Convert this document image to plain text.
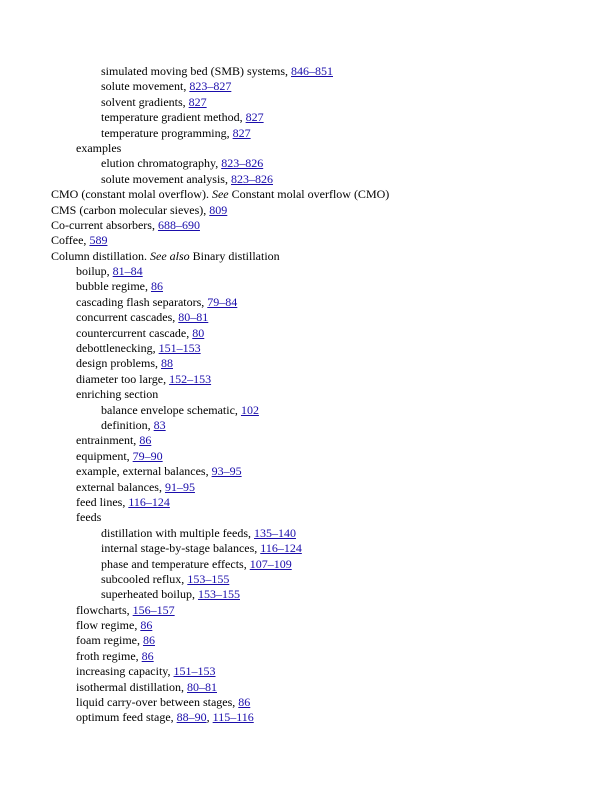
simulated moving bed (SMB) systems, 846–851
solute movement, 823–827
solvent gradients, 827
temperature gradient method, 827
temperature programming, 827
examples
elution chromatography, 823–826
solute movement analysis, 823–826
CMO (constant molal overflow). See Constant molal overflow (CMO)
CMS (carbon molecular sieves), 809
Co-current absorbers, 688–690
Coffee, 589
Column distillation. See also Binary distillation
boilup, 81–84
bubble regime, 86
cascading flash separators, 79–84
concurrent cascades, 80–81
countercurrent cascade, 80
debottlenecking, 151–153
design problems, 88
diameter too large, 152–153
enriching section
balance envelope schematic, 102
definition, 83
entrainment, 86
equipment, 79–90
example, external balances, 93–95
external balances, 91–95
feed lines, 116–124
feeds
distillation with multiple feeds, 135–140
internal stage-by-stage balances, 116–124
phase and temperature effects, 107–109
subcooled reflux, 153–155
superheated boilup, 153–155
flowcharts, 156–157
flow regime, 86
foam regime, 86
froth regime, 86
increasing capacity, 151–153
isothermal distillation, 80–81
liquid carry-over between stages, 86
optimum feed stage, 88–90, 115–116
